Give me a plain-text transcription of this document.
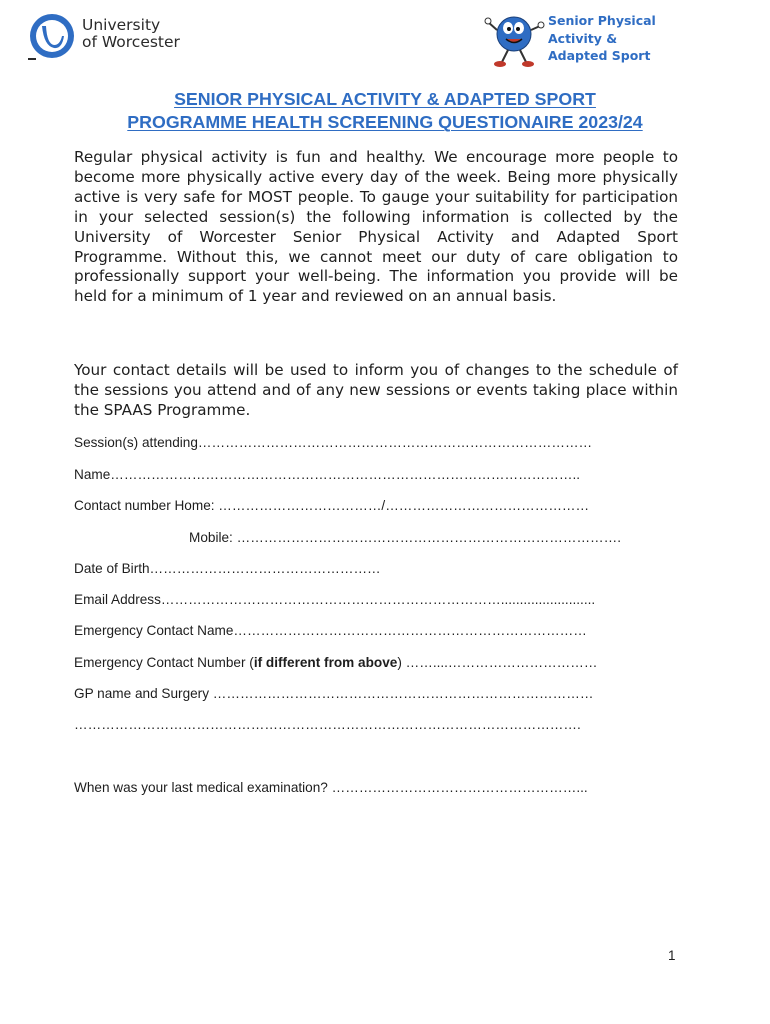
University
of Worcester
Senior Physical
Activity &
Adapted Sport
SENIOR PHYSICAL ACTIVITY & ADAPTED SPORT
PROGRAMME HEALTH SCREENING QUESTIONAIRE 2023/24

Regular physical activity is fun and healthy. We encourage more people to become more physically active every day of the week. Being more physically active is very safe for MOST people. To gauge your suitability for participation in your selected session(s) the following information is collected by the University of Worcester Senior Physical Activity and Adapted Sport Programme. Without this, we cannot meet our duty of care obligation to professionally support your well-being. The information you provide will be held for a minimum of 1 year and reviewed on an annual basis.

Your contact details will be used to inform you of changes to the schedule of the sessions you attend and of any new sessions or events taking place within the SPAAS Programme.

Session(s) attending……………………………………………………………………………
Name…………………………………………………………………………………………..
Contact number Home: ………………………………/………………………………………
Mobile: ………………………………………………………………………….
Date of Birth……………………………………………
Email Address………………………………………………………………….........................
Emergency Contact Name……………………………………………………………………
Emergency Contact Number (if different from above) ……....……………………………
GP name and Surgery …………………………………………………………………………
………………………………………………………………………………………………….
When was your last medical examination? ………………………………………………...
1
